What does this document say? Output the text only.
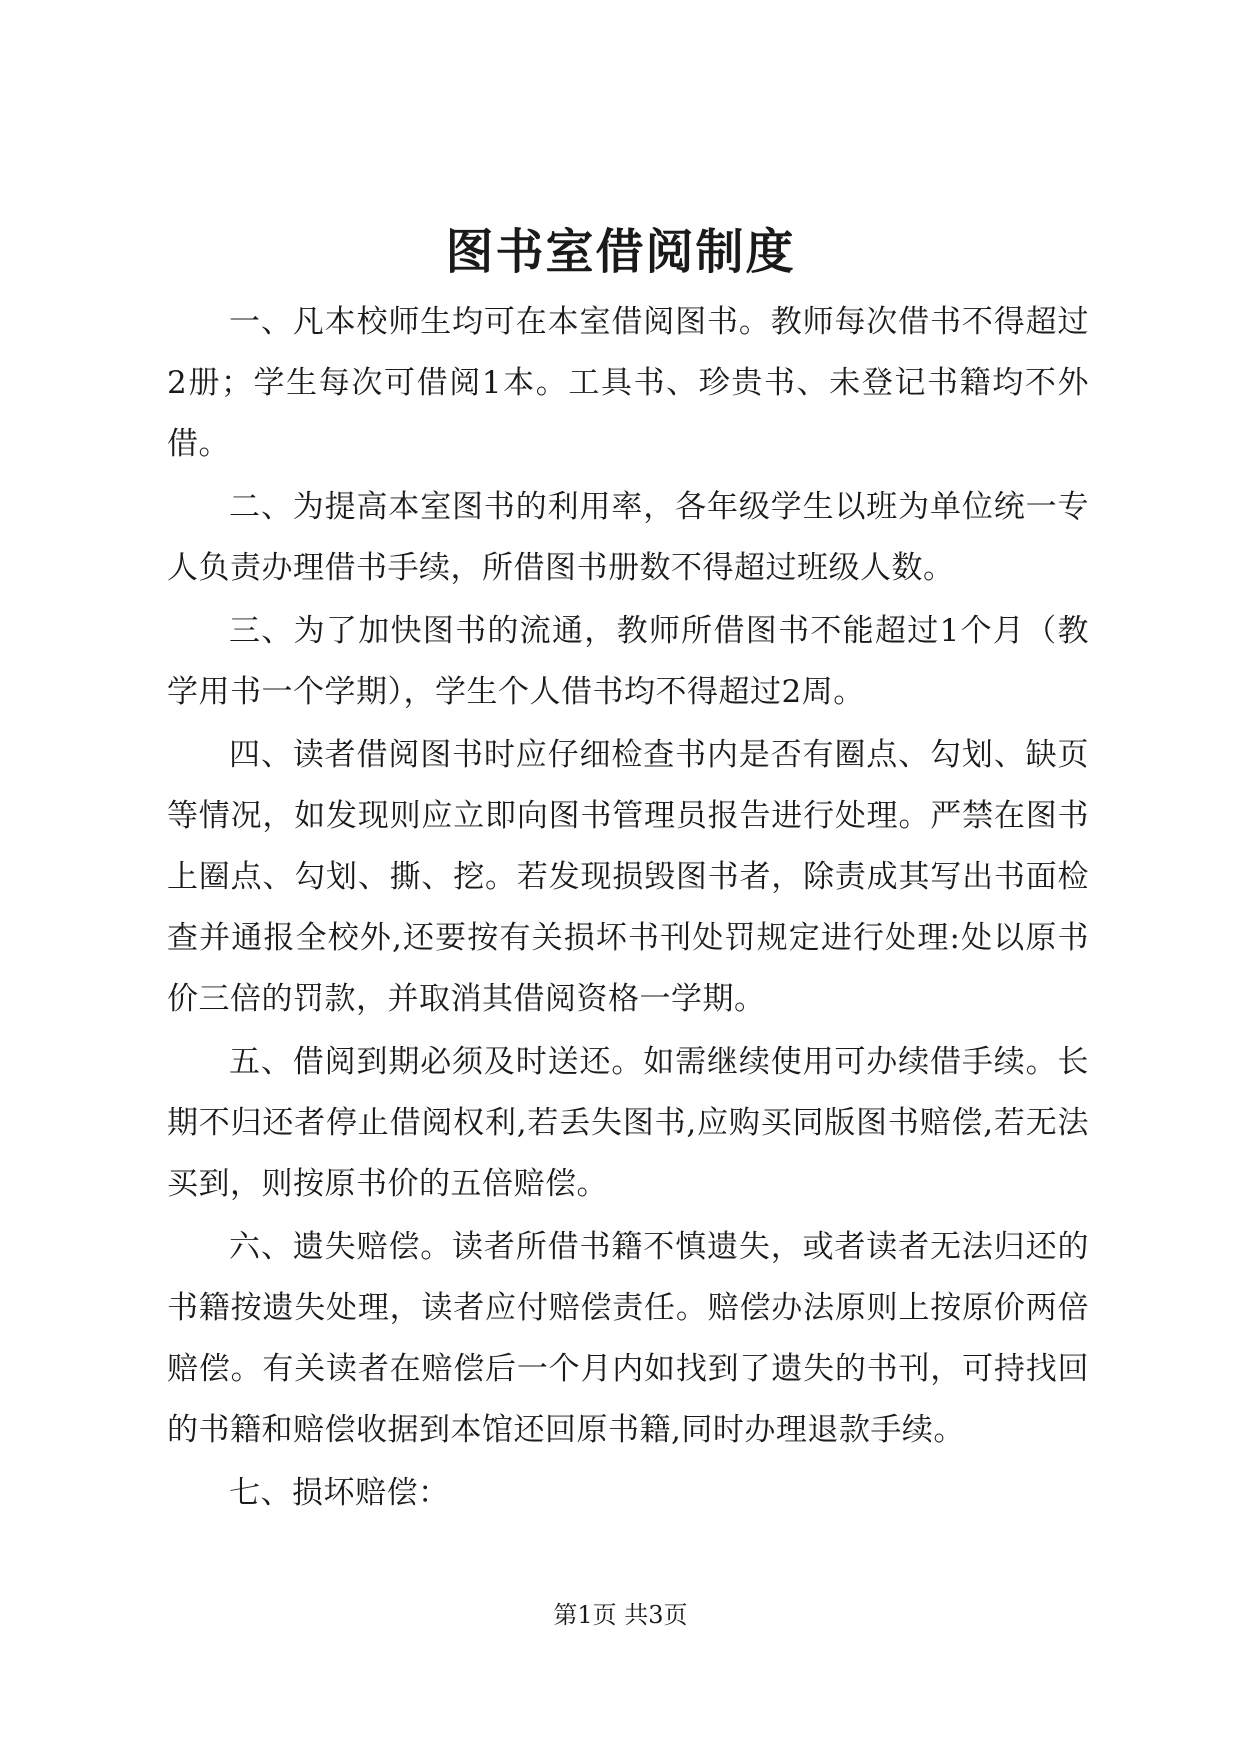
图书室借阅制度

一、凡本校师生均可在本室借阅图书。教师每次借书不得超过2册；学生每次可借阅1本。工具书、珍贵书、未登记书籍均不外借。

二、为提高本室图书的利用率，各年级学生以班为单位统一专人负责办理借书手续，所借图书册数不得超过班级人数。

三、为了加快图书的流通，教师所借图书不能超过1个月（教学用书一个学期），学生个人借书均不得超过2周。

四、读者借阅图书时应仔细检查书内是否有圈点、勾划、缺页等情况，如发现则应立即向图书管理员报告进行处理。严禁在图书上圈点、勾划、撕、挖。若发现损毁图书者，除责成其写出书面检查并通报全校外,还要按有关损坏书刊处罚规定进行处理:处以原书价三倍的罚款，并取消其借阅资格一学期。

五、借阅到期必须及时送还。如需继续使用可办续借手续。长期不归还者停止借阅权利,若丢失图书,应购买同版图书赔偿,若无法买到，则按原书价的五倍赔偿。

六、遗失赔偿。读者所借书籍不慎遗失，或者读者无法归还的书籍按遗失处理，读者应付赔偿责任。赔偿办法原则上按原价两倍赔偿。有关读者在赔偿后一个月内如找到了遗失的书刊，可持找回的书籍和赔偿收据到本馆还回原书籍,同时办理退款手续。

七、损坏赔偿：

第1页 共3页
